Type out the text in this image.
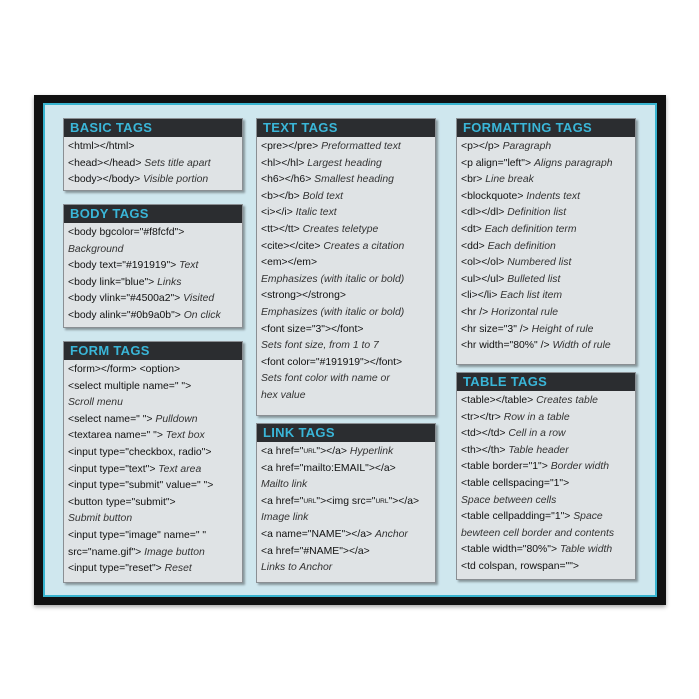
BASIC TAGS
<html></html>
<head></head> Sets title apart
<body></body> Visible portion
BODY TAGS
<body bgcolor="#f8fcfd">
Background
<body text="#191919"> Text
<body link="blue"> Links
<body vlink="#4500a2"> Visited
<body alink="#0b9a0b"> On click
FORM TAGS
<form></form> <option>
<select multiple name=" ">
Scroll menu
<select name=" "> Pulldown
<textarea name=" "> Text box
<input type="checkbox, radio">
<input type="text"> Text area
<input type="submit" value=" ">
<button type="submit">
Submit button
<input type="image" name=" "
src="name.gif"> Image button
<input type="reset"> Reset
TEXT TAGS
<pre></pre> Preformatted text
<hl></hl> Largest heading
<h6></h6> Smallest heading
<b></b> Bold text
<i></i> Italic text
<tt></tt> Creates teletype
<cite></cite> Creates a citation
<em></em>
Emphasizes (with italic or bold)
<strong></strong>
Emphasizes (with italic or bold)
<font size="3"></font>
Sets font size, from 1 to 7
<font color="#191919"></font>
Sets font color with name or
hex value
LINK TAGS
<a href="URL"></a> Hyperlink
<a href="mailto:EMAIL"></a>
Mailto link
<a href="URL"><img src="URL"></a>
Image link
<a name="NAME"></a> Anchor
<a href="#NAME"></a>
Links to Anchor
FORMATTING TAGS
<p></p> Paragraph
<p align="left"> Aligns paragraph
<br> Line break
<blockquote> Indents text
<dl></dl> Definition list
<dt> Each definition term
<dd> Each definition
<ol></ol> Numbered list
<ul></ul> Bulleted list
<li></li> Each list item
<hr /> Horizontal rule
<hr size="3" /> Height of rule
<hr width="80%" /> Width of rule
TABLE TAGS
<table></table> Creates table
<tr></tr> Row in a table
<td></td> Cell in a row
<th></th> Table header
<table border="1"> Border width
<table cellspacing="1">
Space between cells
<table cellpadding="1"> Space
bewteen cell border and contents
<table width="80%"> Table width
<td colspan, rowspan="">
